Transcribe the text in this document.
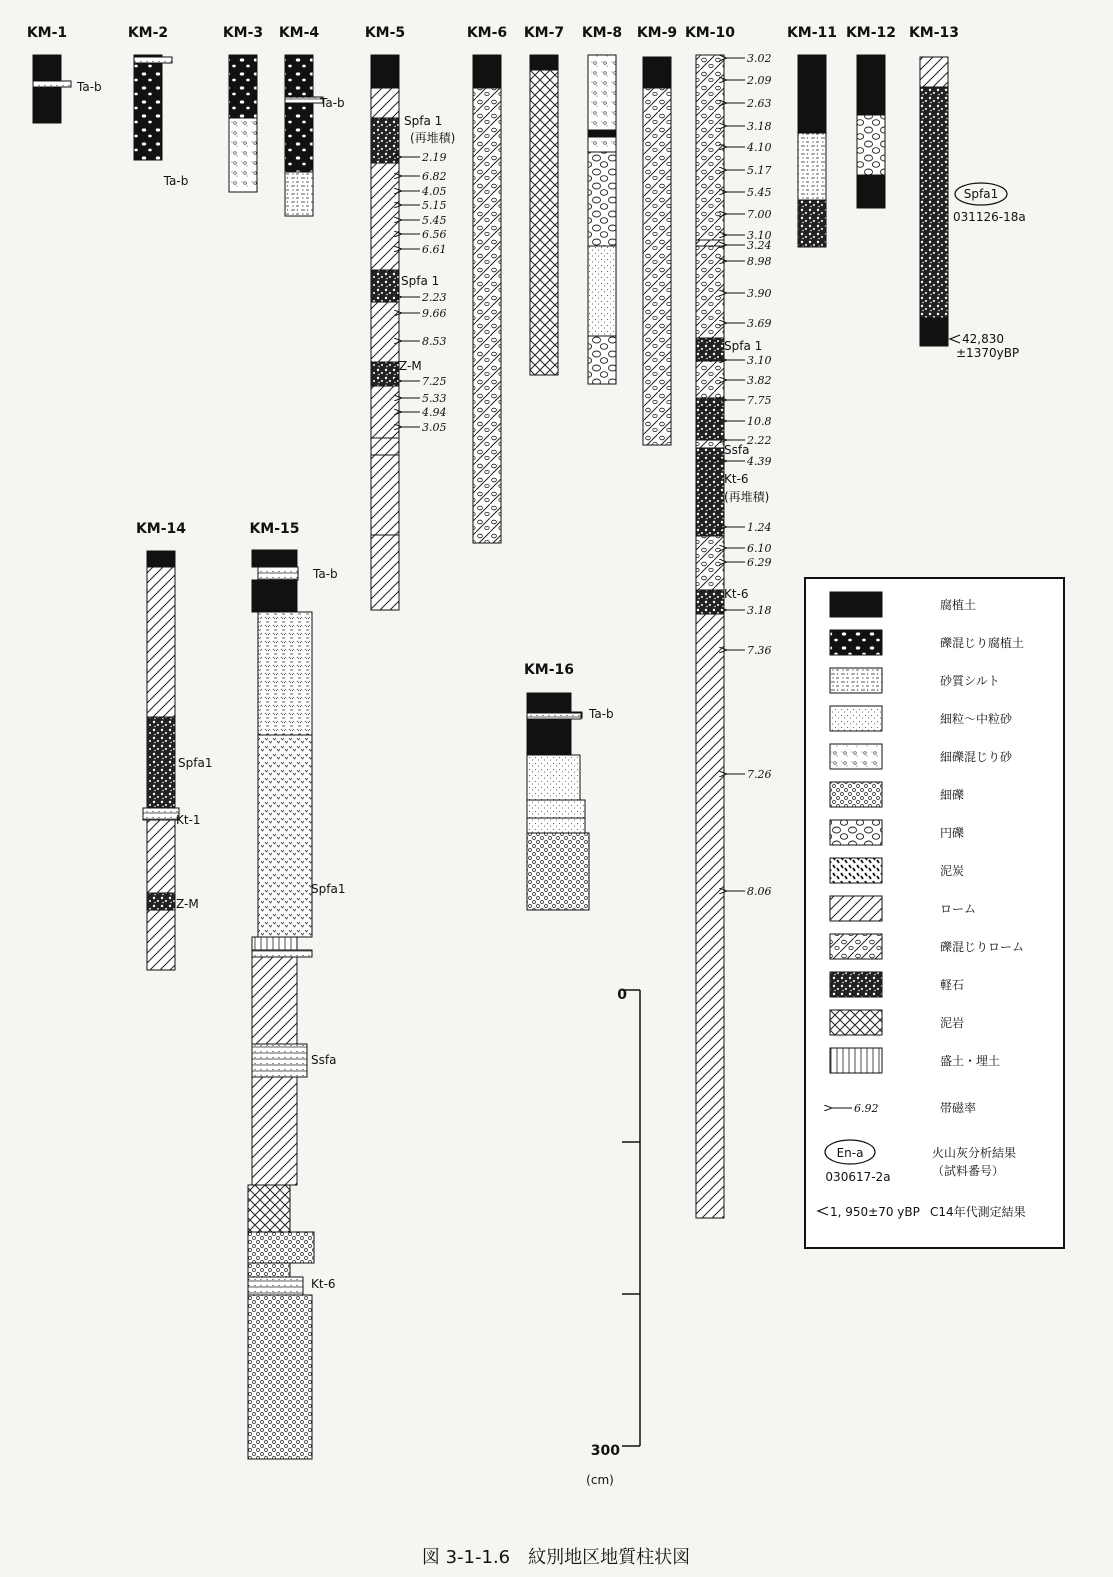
KM-1
Ta-b
KM-2
Ta-b
KM-3 KM-4
Ta-b
KM-5
Spfa 1
(再堆積)
Spfa 1
Z-M
2.19
6.82
4.05
5.15
5.45
6.56
6.61
2.23
9.66
8.53
7.25
5.33
4.94
3.05
KM-6 KM-7 KM-8 KM-9 KM-10
Spfa 1
Ssfa
Kt-6
(再堆積)
Kt-6
3.02
2.09
2.63
3.18
4.10
5.17
5.45
7.00
3.10
3.24
8.98
3.90
3.69
3.10
3.82
7.75
10.8
2.22
4.39
1.24
6.10
6.29
3.18
7.36
7.26
8.06
KM-11 KM-12 KM-13
Spfa1
031126-18a
42,830
±1370yBP
KM-14
Spfa1
Kt-1
Z-M
KM-15
Ta-b
Spfa1
Ssfa
Kt-6
KM-16
Ta-b
腐植土
礫混じり腐植土
砂質シルト
細粒～中粒砂
細礫混じり砂
細礫
円礫
泥炭
ローム
礫混じりローム
軽石
泥岩
盛土・埋土
6.92	帯磁率
En-a
030617-2a
火山灰分析結果
（試料番号）
1, 950±70 yBP C14年代測定結果
0
300
(cm)
図 3-1-1.6　紋別地区地質柱状図
